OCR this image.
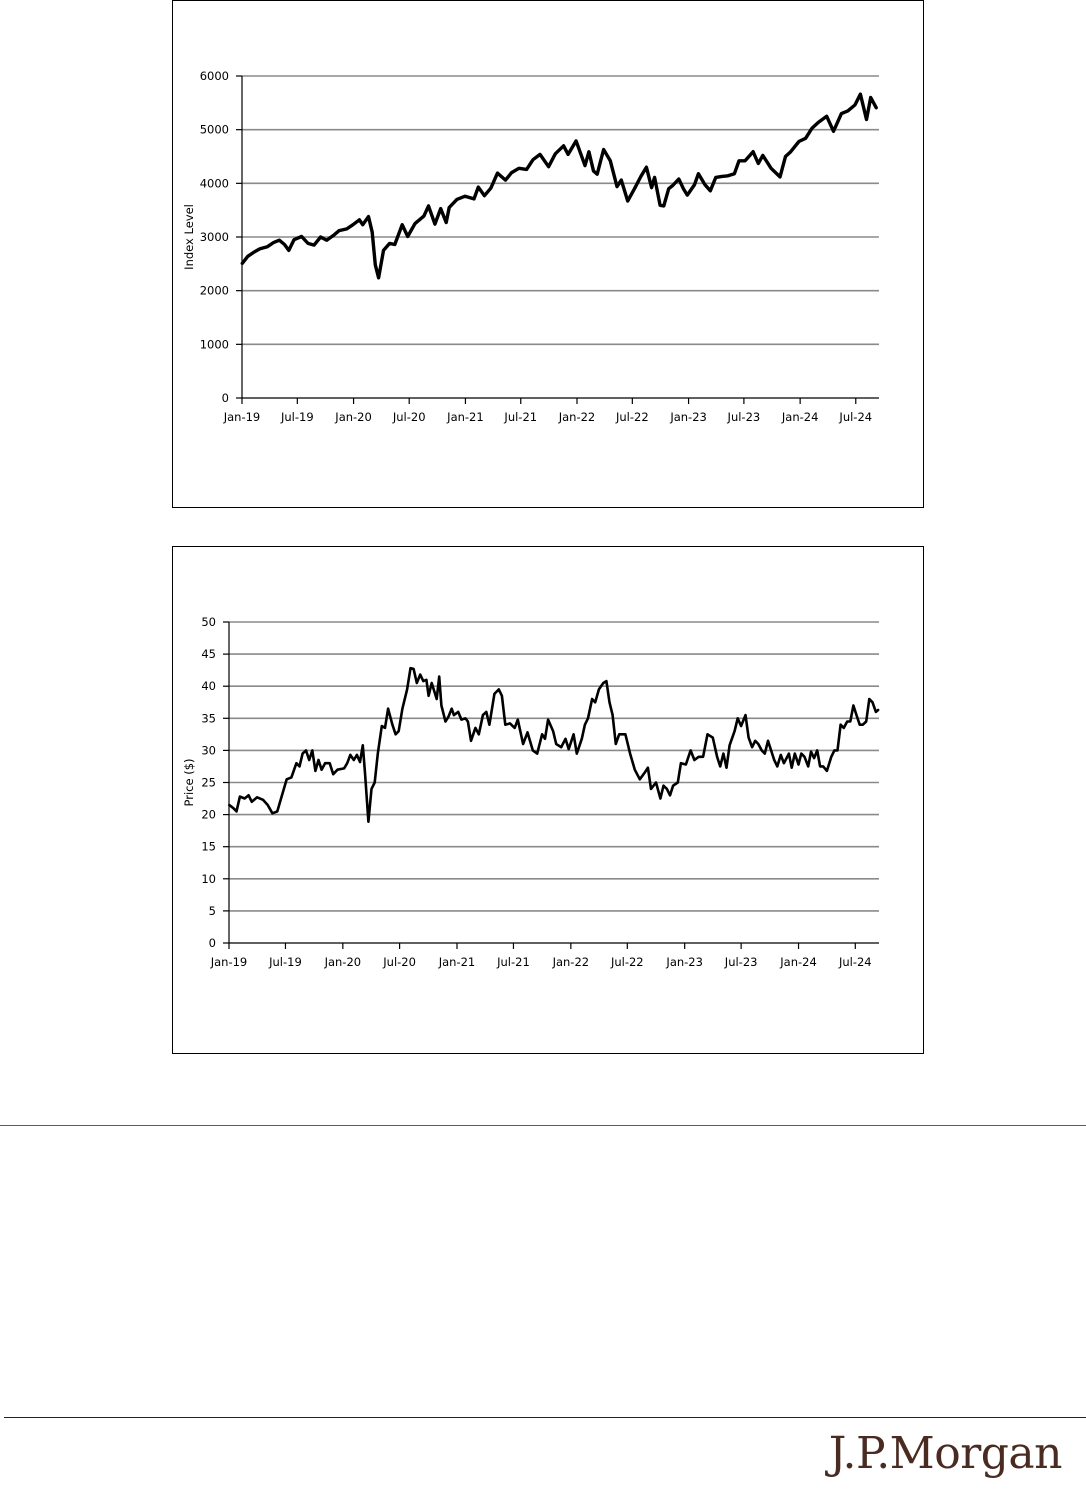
0
1000
2000
3000
4000
5000
6000
Jan-19 Jul-19 Jan-20 Jul-20 Jan-21 Jul-21 Jan-22 Jul-22 Jan-23 Jul-23 Jan-24 Jul-24
Index Level
0
5
10
15
20
25
30
35
40
45
50
Jan-19 Jul-19 Jan-20 Jul-20 Jan-21 Jul-21 Jan-22 Jul-22 Jan-23 Jul-23 Jan-24 Jul-24
Price ($)
J.P.Morgan
